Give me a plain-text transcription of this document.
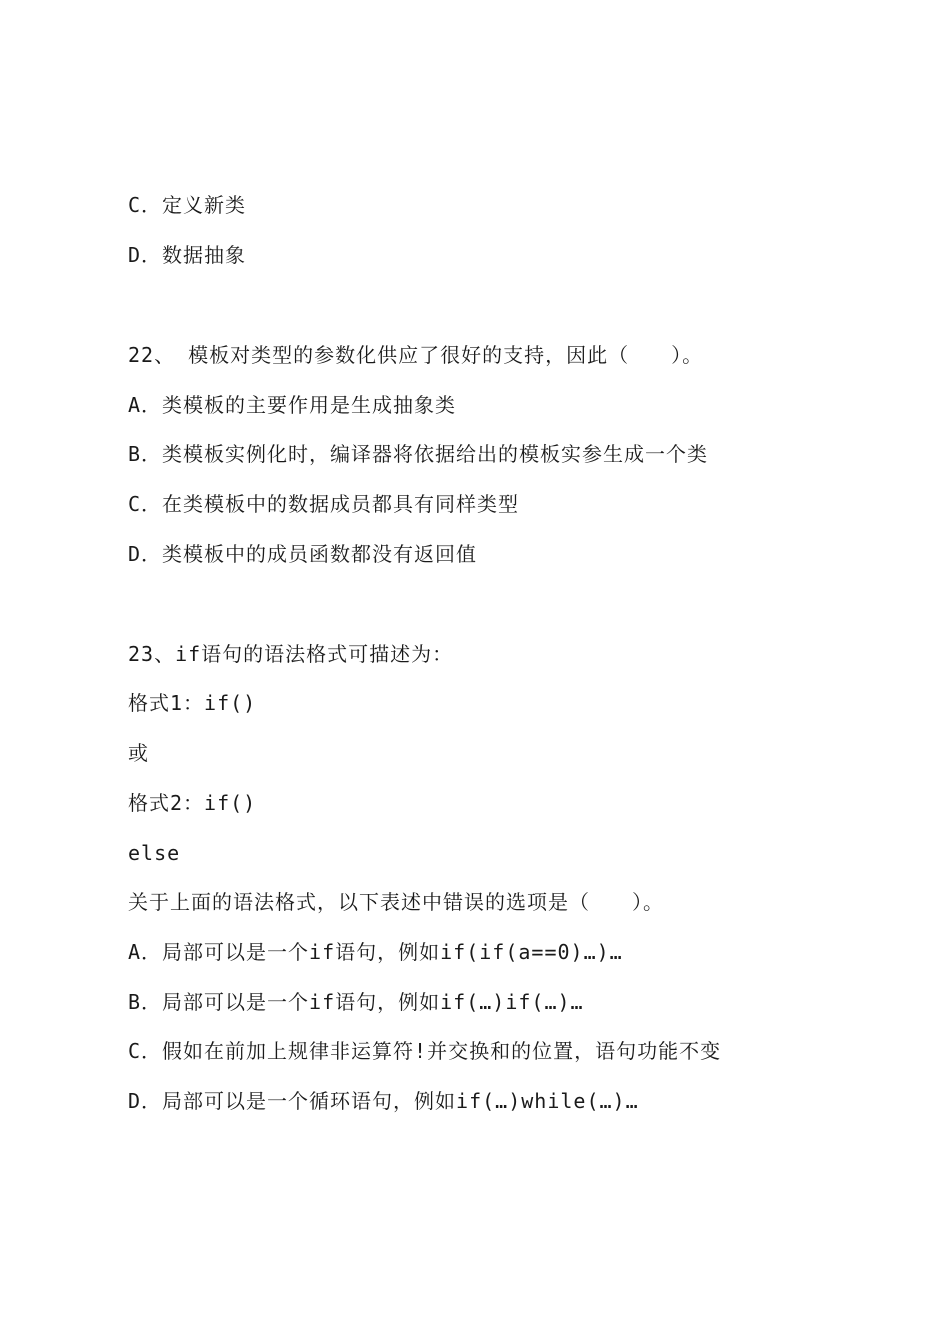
C．定义新类
D．数据抽象
22、 模板对类型的参数化供应了很好的支持，因此（　　）。
A．类模板的主要作用是生成抽象类
B．类模板实例化时，编译器将依据给出的模板实参生成一个类
C．在类模板中的数据成员都具有同样类型
D．类模板中的成员函数都没有返回值
23、if语句的语法格式可描述为：
格式1：if()
或
格式2：if()
else
关于上面的语法格式，以下表述中错误的选项是（　　）。
A．局部可以是一个if语句，例如if(if(a==0)…)…
B．局部可以是一个if语句，例如if(…)if(…)…
C．假如在前加上规律非运算符!并交换和的位置，语句功能不变
D．局部可以是一个循环语句，例如if(…)while(…)…
